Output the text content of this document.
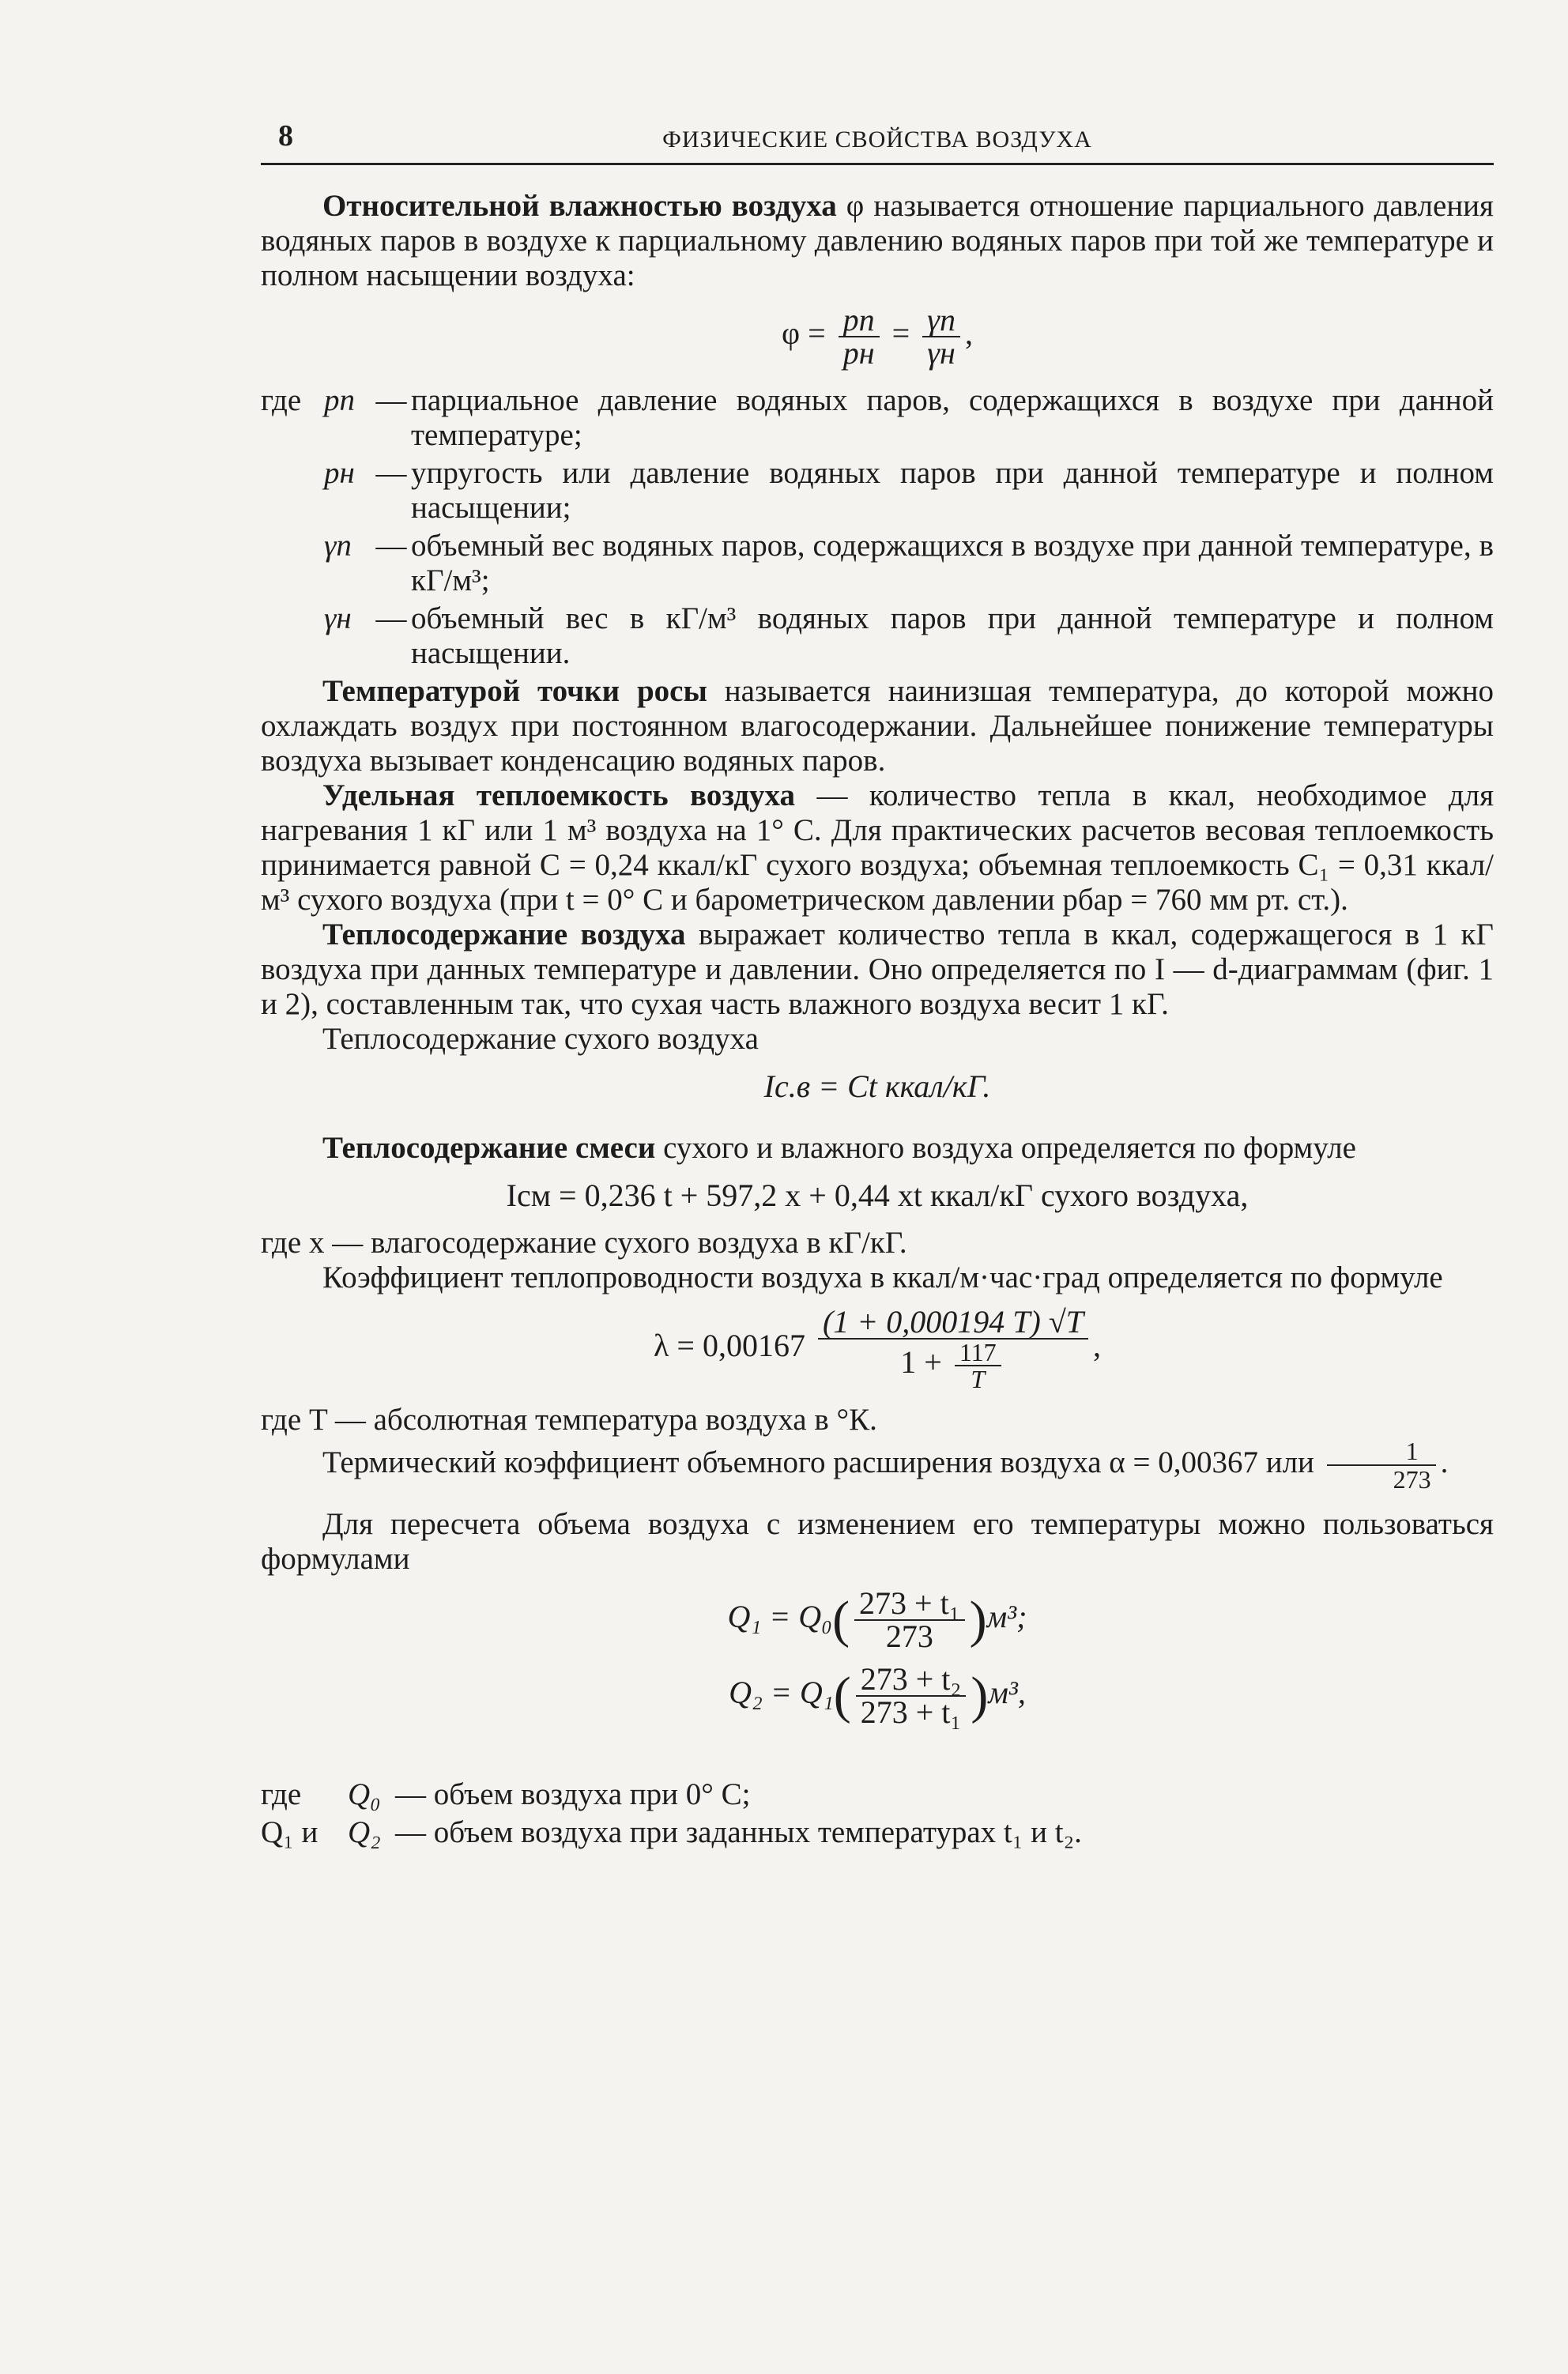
8	ФИЗИЧЕСКИЕ СВОЙСТВА ВОЗДУХА

Относительной влажностью воздуха φ называется отношение парциального давления водяных паров в воздухе к парциальному давлению водяных паров при той же температуре и полном насыщении воздуха:

$\varphi = \frac{pп}{pн} = \frac{\gamma п}{\gamma н}$ ,
где pп — парциальное давление водяных паров, содержащихся в воздухе при данной температуре;
pн — упругость или давление водяных паров при данной температуре и полном насыщении;
γп — объемный вес водяных паров, содержащихся в воздухе при данной температуре, в кГ/м³;
γн — объемный вес в кГ/м³ водяных паров при данной температуре и полном насыщении.

Температурой точки росы называется наинизшая температура, до которой можно охлаждать воздух при постоянном влагосодержании. Дальнейшее понижение температуры воздуха вызывает конденсацию водяных паров.

Удельная теплоемкость воздуха — количество тепла в ккал, необходимое для нагревания 1 кГ или 1 м³ воздуха на 1° С. Для практических расчетов весовая теплоемкость принимается равной C = 0,24 ккал/кГ сухого воздуха; объемная теплоемкость C₁ = 0,31 ккал/м³ сухого воздуха (при t = 0° C и барометрическом давлении pбар = 760 мм рт. ст.).

Теплосодержание воздуха выражает количество тепла в ккал, содержащегося в 1 кГ воздуха при данных температуре и давлении. Оно определяется по I — d-диаграммам (фиг. 1 и 2), составленным так, что сухая часть влажного воздуха весит 1 кГ.

Теплосодержание сухого воздуха

Iс.в = Ct ккал/кГ.

Теплосодержание смеси сухого и влажного воздуха определяется по формуле

Iсм = 0,236 t + 597,2 x + 0,44 xt ккал/кГ сухого воздуха,

где x — влагосодержание сухого воздуха в кГ/кГ.

Коэффициент теплопроводности воздуха в ккал/м·час·град определяется по формуле

$\lambda = 0,00167 \frac{(1 + 0,000194 T) √T}{1 + \frac{117}{T}}$ ,

где T — абсолютная температура воздуха в °К.

Термический коэффициент объемного расширения воздуха α = 0,00367 или $\frac{1}{273}$ .

Для пересчета объема воздуха с изменением его температуры можно пользоваться формулами

$Q_1 = Q_0( \frac{\text{273 + t₁}}{273} )м^3$;
$Q_2 = Q_1( \frac{\text{273 + t₂}}{\text{273 + t₁}} )м^3$,
где	Q₀ — объем воздуха при 0° С;
Q₁ и Q₂ — объем воздуха при заданных температурах t₁ и t₂.
